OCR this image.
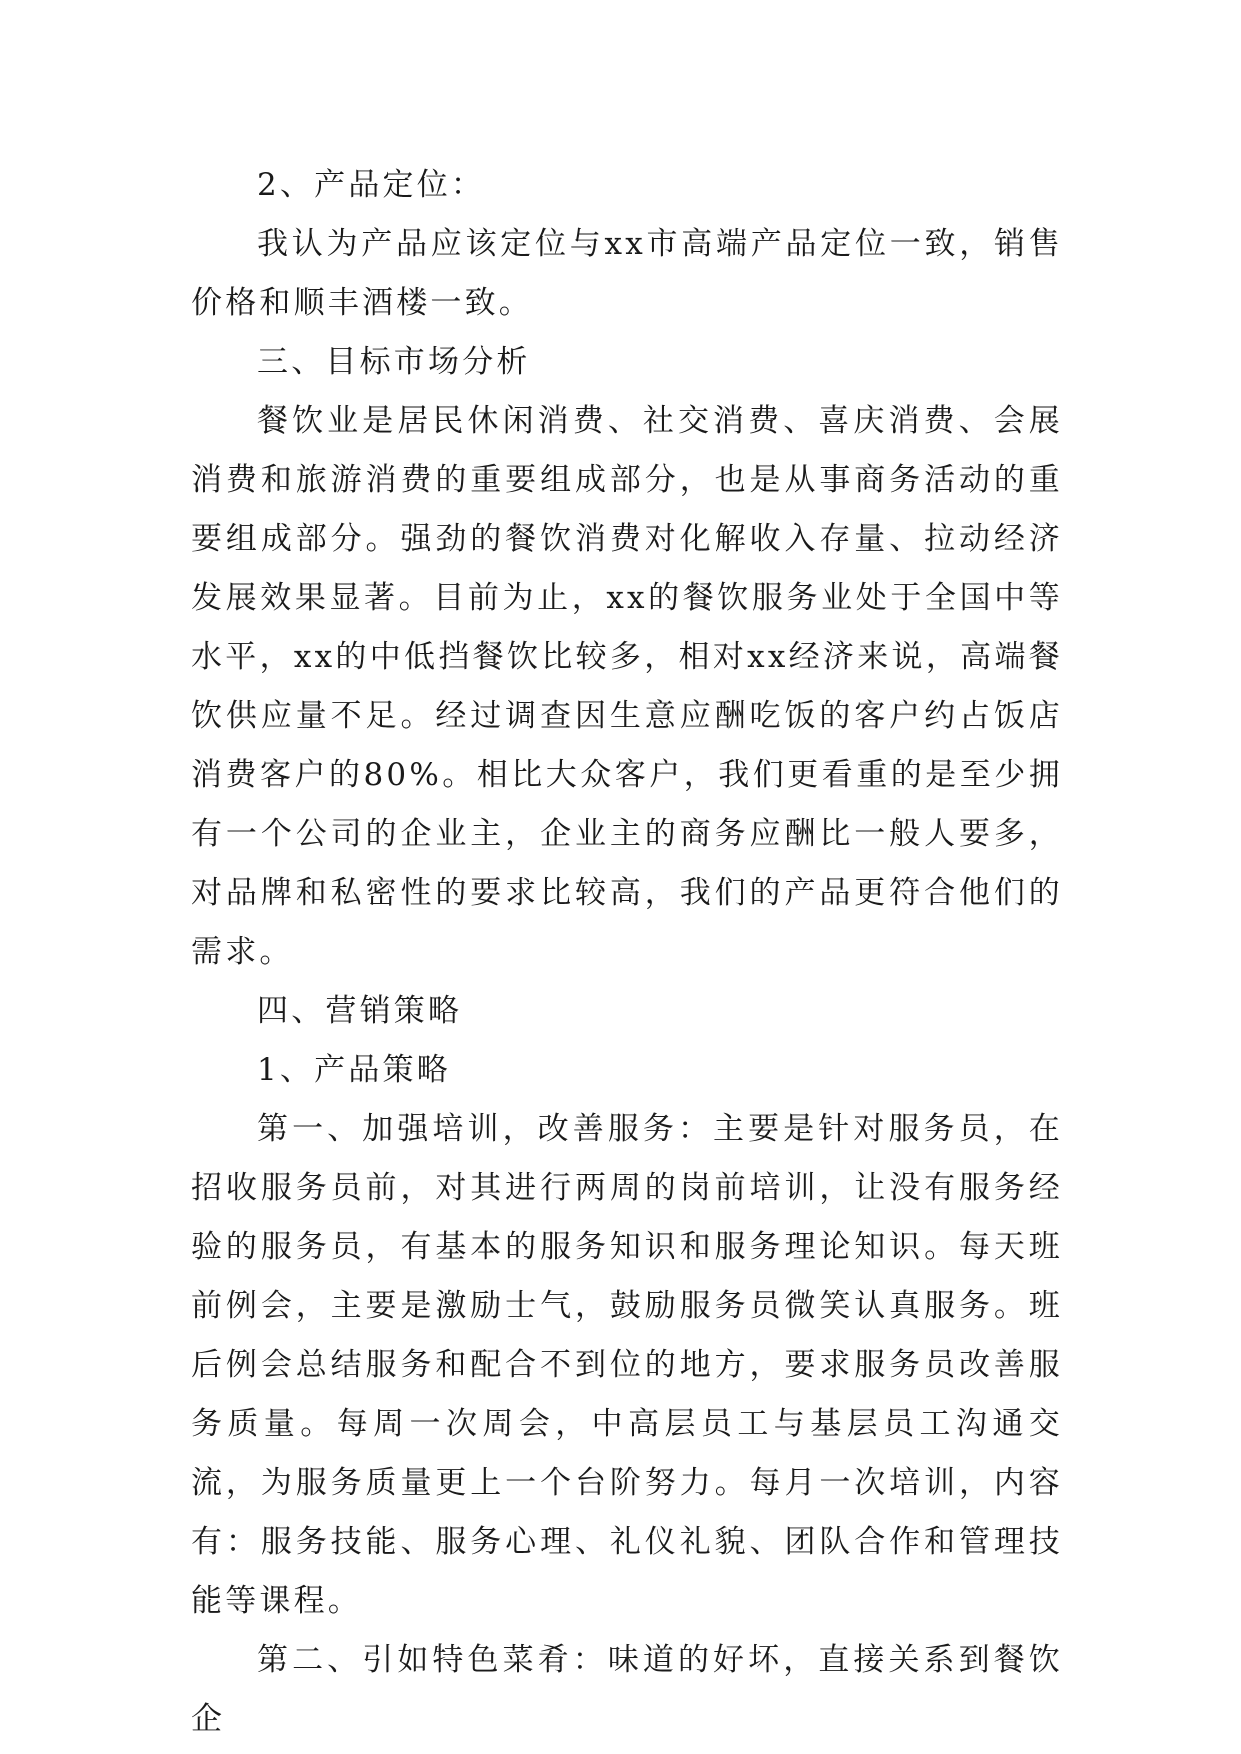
2、产品定位：

我认为产品应该定位与xx市高端产品定位一致，销售价格和顺丰酒楼一致。

三、目标市场分析

餐饮业是居民休闲消费、社交消费、喜庆消费、会展消费和旅游消费的重要组成部分，也是从事商务活动的重要组成部分。强劲的餐饮消费对化解收入存量、拉动经济发展效果显著。目前为止，xx的餐饮服务业处于全国中等水平，xx的中低挡餐饮比较多，相对xx经济来说，高端餐饮供应量不足。经过调查因生意应酬吃饭的客户约占饭店消费客户的80%。相比大众客户，我们更看重的是至少拥有一个公司的企业主，企业主的商务应酬比一般人要多，对品牌和私密性的要求比较高，我们的产品更符合他们的需求。

四、营销策略

1、产品策略

第一、加强培训，改善服务：主要是针对服务员，在招收服务员前，对其进行两周的岗前培训，让没有服务经验的服务员，有基本的服务知识和服务理论知识。每天班前例会，主要是激励士气，鼓励服务员微笑认真服务。班后例会总结服务和配合不到位的地方，要求服务员改善服务质量。每周一次周会，中高层员工与基层员工沟通交流，为服务质量更上一个台阶努力。每月一次培训，内容有：服务技能、服务心理、礼仪礼貌、团队合作和管理技能等课程。

第二、引如特色菜肴：味道的好坏，直接关系到餐饮企
